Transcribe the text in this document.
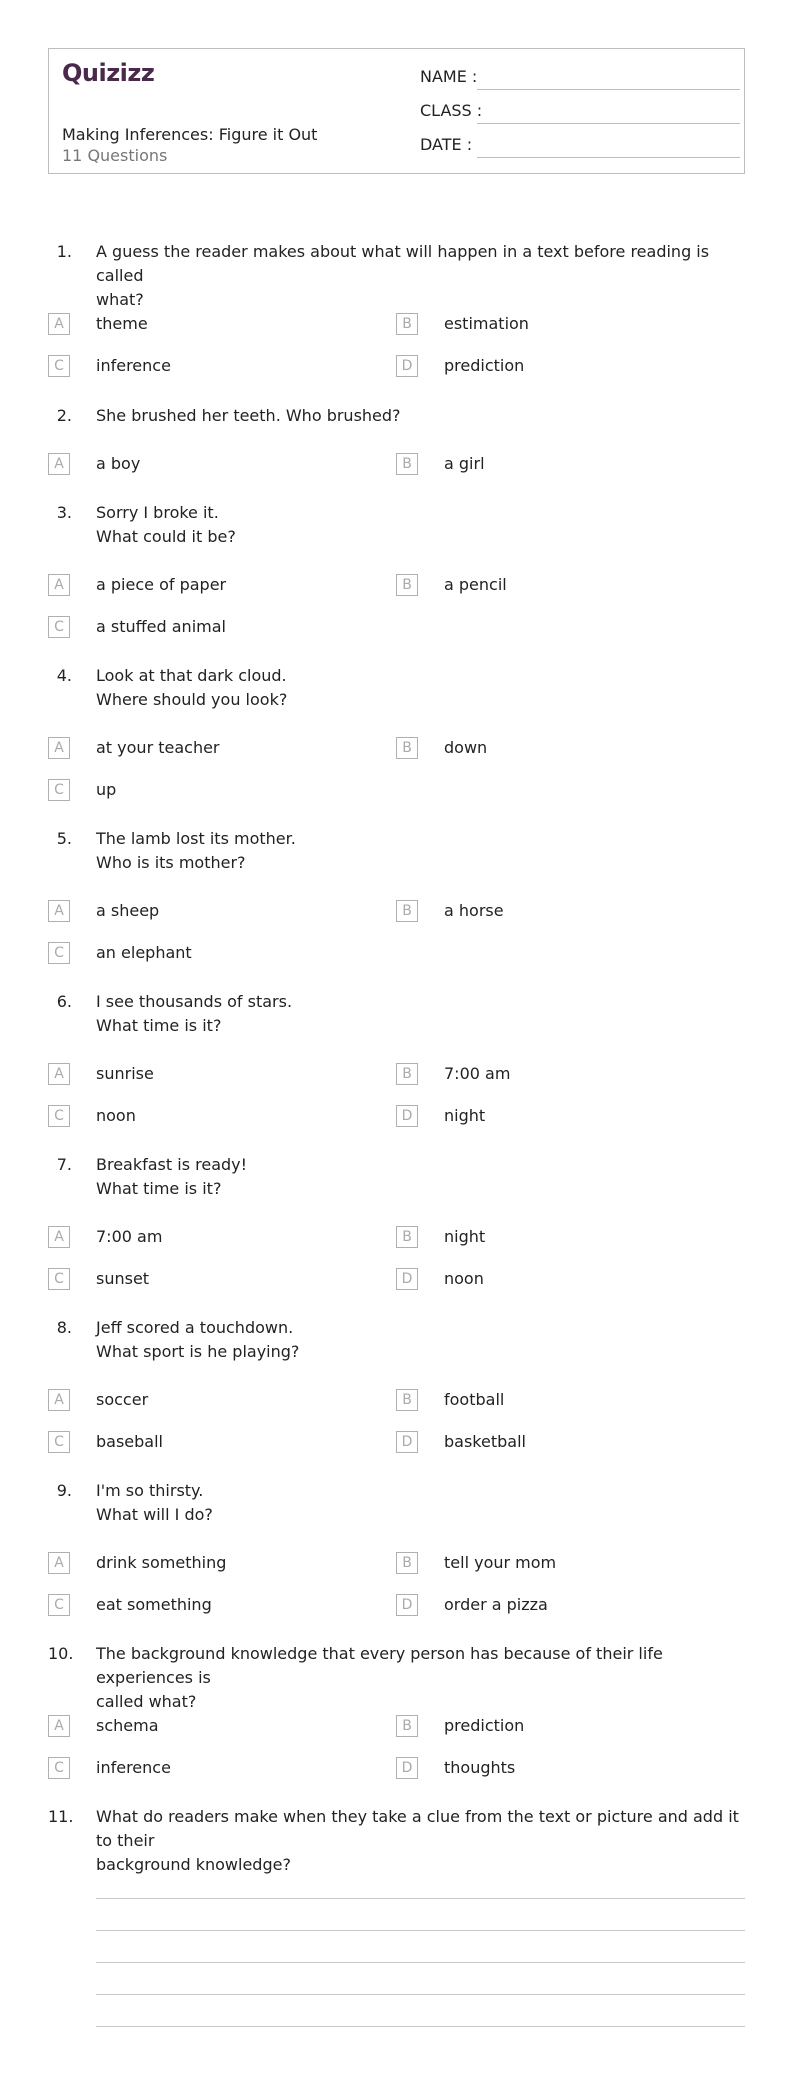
Quizizz
Making Inferences: Figure it Out
11 Questions
NAME :
CLASS :
DATE :
1. A guess the reader makes about what will happen in a text before reading is called
what?
A	theme	B	estimation
C	inference	D	prediction
2. She brushed her teeth. Who brushed?
A	a boy	B	a girl
3. Sorry I broke it.
What could it be?
A	a piece of paper	B	a pencil
C	a stuffed animal
4. Look at that dark cloud.
Where should you look?
A	at your teacher	B	down
C	up
5. The lamb lost its mother.
Who is its mother?
A	a sheep	B	a horse
C	an elephant
6. I see thousands of stars.
What time is it?
A	sunrise	B	7:00 am
C	noon	D	night
7. Breakfast is ready!
What time is it?
A	7:00 am	B	night
C	sunset	D	noon
8. Jeff scored a touchdown.
What sport is he playing?
A	soccer	B	football
C	baseball	D	basketball
9. I'm so thirsty.
What will I do?
A	drink something	B	tell your mom
C	eat something	D	order a pizza
10. The background knowledge that every person has because of their life experiences is
called what?
A	schema	B	prediction
C	inference	D	thoughts
11. What do readers make when they take a clue from the text or picture and add it to their
background knowledge?
